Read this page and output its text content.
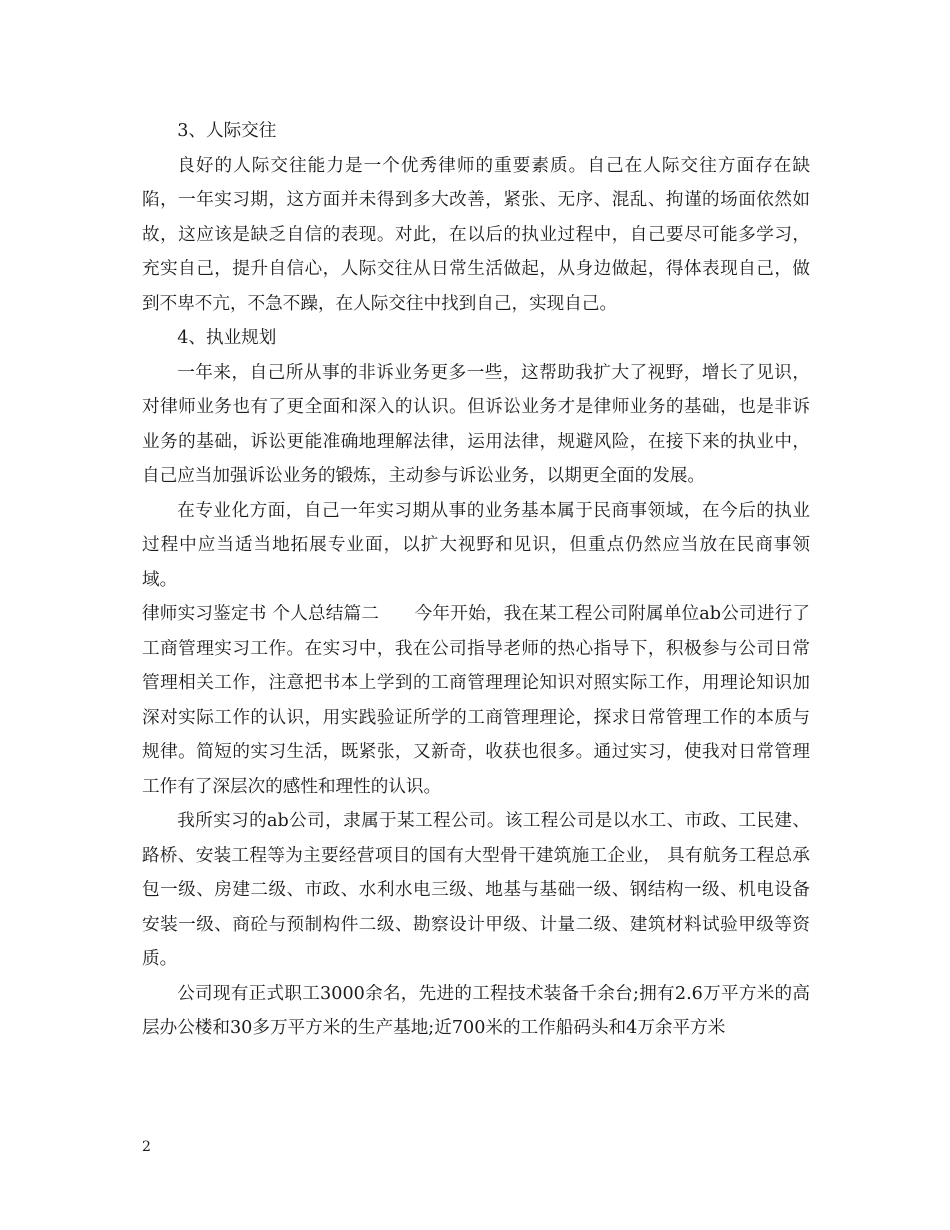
3、人际交往

良好的人际交往能力是一个优秀律师的重要素质。自己在人际交往方面存在缺陷，一年实习期，这方面并未得到多大改善，紧张、无序、混乱、拘谨的场面依然如故，这应该是缺乏自信的表现。对此，在以后的执业过程中，自己要尽可能多学习，充实自己，提升自信心，人际交往从日常生活做起，从身边做起，得体表现自己，做到不卑不亢，不急不躁，在人际交往中找到自己，实现自己。

4、执业规划

一年来，自己所从事的非诉业务更多一些，这帮助我扩大了视野，增长了见识，对律师业务也有了更全面和深入的认识。但诉讼业务才是律师业务的基础，也是非诉业务的基础，诉讼更能准确地理解法律，运用法律，规避风险，在接下来的执业中，自己应当加强诉讼业务的锻炼，主动参与诉讼业务，以期更全面的发展。

在专业化方面，自己一年实习期从事的业务基本属于民商事领域，在今后的执业过程中应当适当地拓展专业面，以扩大视野和见识，但重点仍然应当放在民商事领域。

律师实习鉴定书 个人总结篇二　　今年开始，我在某工程公司附属单位ab公司进行了工商管理实习工作。在实习中，我在公司指导老师的热心指导下，积极参与公司日常管理相关工作，注意把书本上学到的工商管理理论知识对照实际工作，用理论知识加深对实际工作的认识，用实践验证所学的工商管理理论，探求日常管理工作的本质与规律。简短的实习生活，既紧张，又新奇，收获也很多。通过实习，使我对日常管理工作有了深层次的感性和理性的认识。

我所实习的ab公司，隶属于某工程公司。该工程公司是以水工、市政、工民建、路桥、安装工程等为主要经营项目的国有大型骨干建筑施工企业， 具有航务工程总承包一级、房建二级、市政、水利水电三级、地基与基础一级、钢结构一级、机电设备安装一级、商砼与预制构件二级、勘察设计甲级、计量二级、建筑材料试验甲级等资质。

公司现有正式职工3000余名，先进的工程技术装备千余台;拥有2.6万平方米的高层办公楼和30多万平方米的生产基地;近700米的工作船码头和4万余平方米

2
